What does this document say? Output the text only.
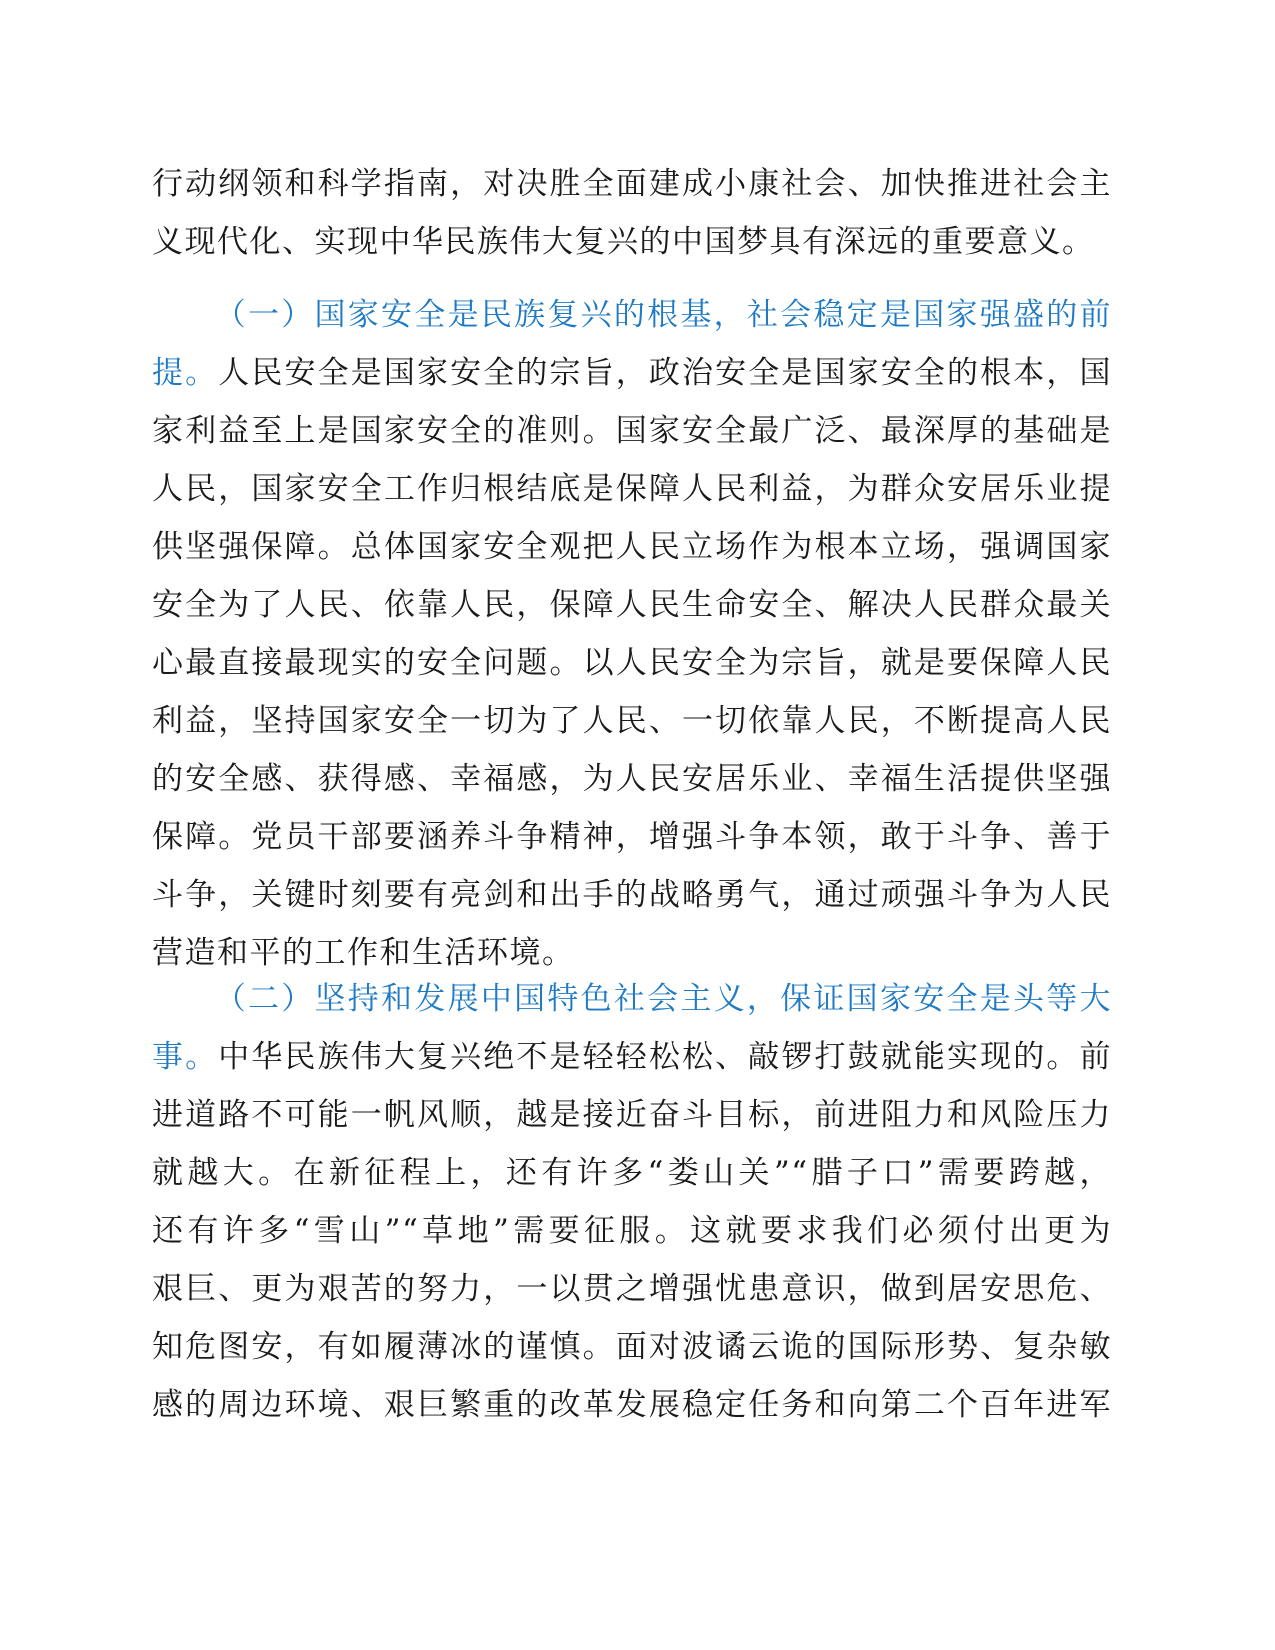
行动纲领和科学指南，对决胜全面建成小康社会、加快推进社会主
义现代化、实现中华民族伟大复兴的中国梦具有深远的重要意义。
（一）国家安全是民族复兴的根基，社会稳定是国家强盛的前
提。人民安全是国家安全的宗旨，政治安全是国家安全的根本，国
家利益至上是国家安全的准则。国家安全最广泛、最深厚的基础是
人民，国家安全工作归根结底是保障人民利益，为群众安居乐业提
供坚强保障。总体国家安全观把人民立场作为根本立场，强调国家
安全为了人民、依靠人民，保障人民生命安全、解决人民群众最关
心最直接最现实的安全问题。以人民安全为宗旨，就是要保障人民
利益，坚持国家安全一切为了人民、一切依靠人民，不断提高人民
的安全感、获得感、幸福感，为人民安居乐业、幸福生活提供坚强
保障。党员干部要涵养斗争精神，增强斗争本领，敢于斗争、善于
斗争，关键时刻要有亮剑和出手的战略勇气，通过顽强斗争为人民
营造和平的工作和生活环境。
（二）坚持和发展中国特色社会主义，保证国家安全是头等大
事。中华民族伟大复兴绝不是轻轻松松、敲锣打鼓就能实现的。前
进道路不可能一帆风顺，越是接近奋斗目标，前进阻力和风险压力
就越大。在新征程上，还有许多“娄山关”“腊子口”需要跨越，
还有许多“雪山”“草地”需要征服。这就要求我们必须付出更为
艰巨、更为艰苦的努力，一以贯之增强忧患意识，做到居安思危、
知危图安，有如履薄冰的谨慎。面对波谲云诡的国际形势、复杂敏
感的周边环境、艰巨繁重的改革发展稳定任务和向第二个百年进军
